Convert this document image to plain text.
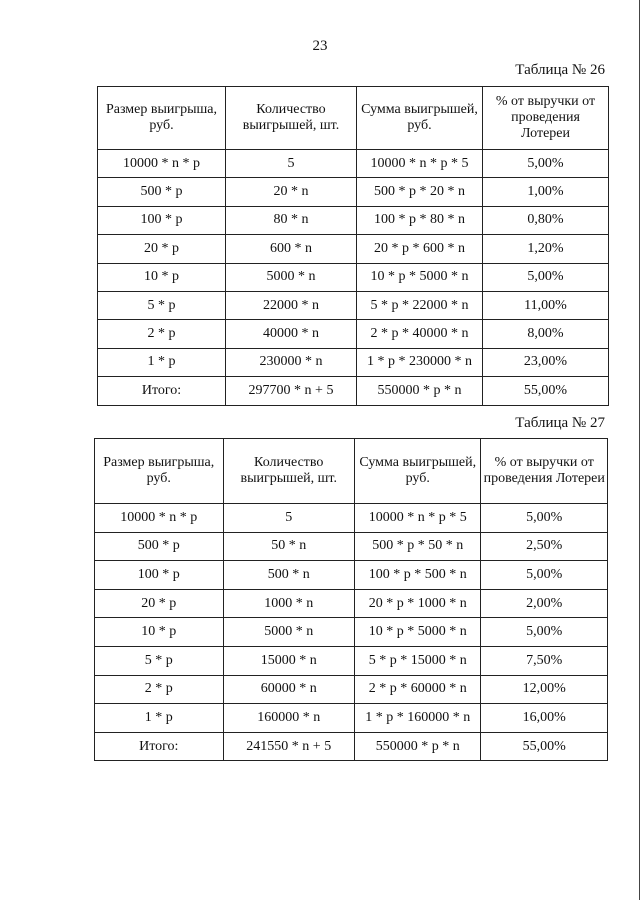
23
Таблица № 26
Размер выигрыша, руб.	Количество выигрышей, шт.	Сумма выигрышей, руб.	% от выручки от проведения Лотереи
10000 * n * p	5	10000 * n * p * 5	5,00%
500 * p	20 * n	500 * p * 20 * n	1,00%
100 * p	80 * n	100 * p * 80 * n	0,80%
20 * p	600 * n	20 * p * 600 * n	1,20%
10 * p	5000 * n	10 * p * 5000 * n	5,00%
5 * p	22000 * n	5 * p * 22000 * n	11,00%
2 * p	40000 * n	2 * p * 40000 * n	8,00%
1 * p	230000 * n	1 * p * 230000 * n	23,00%
Итого:	297700 * n + 5	550000 * p * n	55,00%
Таблица № 27
Размер выигрыша, руб.	Количество выигрышей, шт.	Сумма выигрышей, руб.	% от выручки от проведения Лотереи
10000 * n * p	5	10000 * n * p * 5	5,00%
500 * p	50 * n	500 * p * 50 * n	2,50%
100 * p	500 * n	100 * p * 500 * n	5,00%
20 * p	1000 * n	20 * p * 1000 * n	2,00%
10 * p	5000 * n	10 * p * 5000 * n	5,00%
5 * p	15000 * n	5 * p * 15000 * n	7,50%
2 * p	60000 * n	2 * p * 60000 * n	12,00%
1 * p	160000 * n	1 * p * 160000 * n	16,00%
Итого:	241550 * n + 5	550000 * p * n	55,00%
